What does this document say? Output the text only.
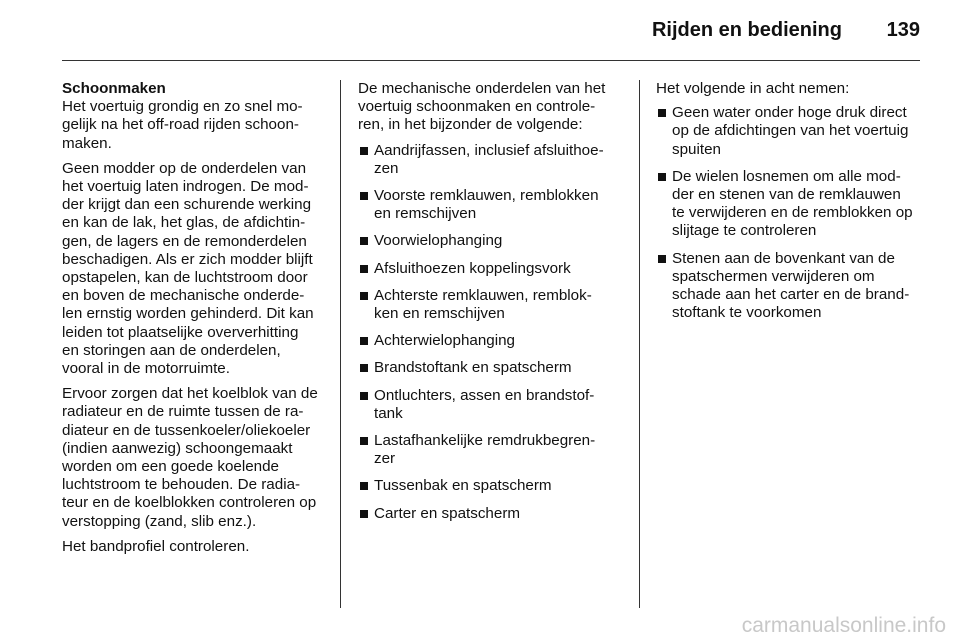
Rijden en bediening 139
Schoonmaken
Het voertuig grondig en zo snel mo-
gelijk na het off-road rijden schoon-
maken.
Geen modder op de onderdelen van
het voertuig laten indrogen. De mod-
der krijgt dan een schurende werking
en kan de lak, het glas, de afdichtin-
gen, de lagers en de remonderdelen
beschadigen. Als er zich modder blijft
opstapelen, kan de luchtstroom door
en boven de mechanische onderde-
len ernstig worden gehinderd. Dit kan
leiden tot plaatselijke oververhitting
en storingen aan de onderdelen,
vooral in de motorruimte.
Ervoor zorgen dat het koelblok van de
radiateur en de ruimte tussen de ra-
diateur en de tussenkoeler/oliekoeler
(indien aanwezig) schoongemaakt
worden om een goede koelende
luchtstroom te behouden. De radia-
teur en de koelblokken controleren op
verstopping (zand, slib enz.).
Het bandprofiel controleren.
De mechanische onderdelen van het
voertuig schoonmaken en controle-
ren, in het bijzonder de volgende:
Aandrijfassen, inclusief afsluithoe-
zen
Voorste remklauwen, remblokken
en remschijven
Voorwielophanging
Afsluithoezen koppelingsvork
Achterste remklauwen, remblok-
ken en remschijven
Achterwielophanging
Brandstoftank en spatscherm
Ontluchters, assen en brandstof-
tank
Lastafhankelijke remdrukbegren-
zer
Tussenbak en spatscherm
Carter en spatscherm
Het volgende in acht nemen:
Geen water onder hoge druk direct
op de afdichtingen van het voertuig
spuiten
De wielen losnemen om alle mod-
der en stenen van de remklauwen
te verwijderen en de remblokken op
slijtage te controleren
Stenen aan de bovenkant van de
spatschermen verwijderen om
schade aan het carter en de brand-
stoftank te voorkomen
carmanualsonline.info
